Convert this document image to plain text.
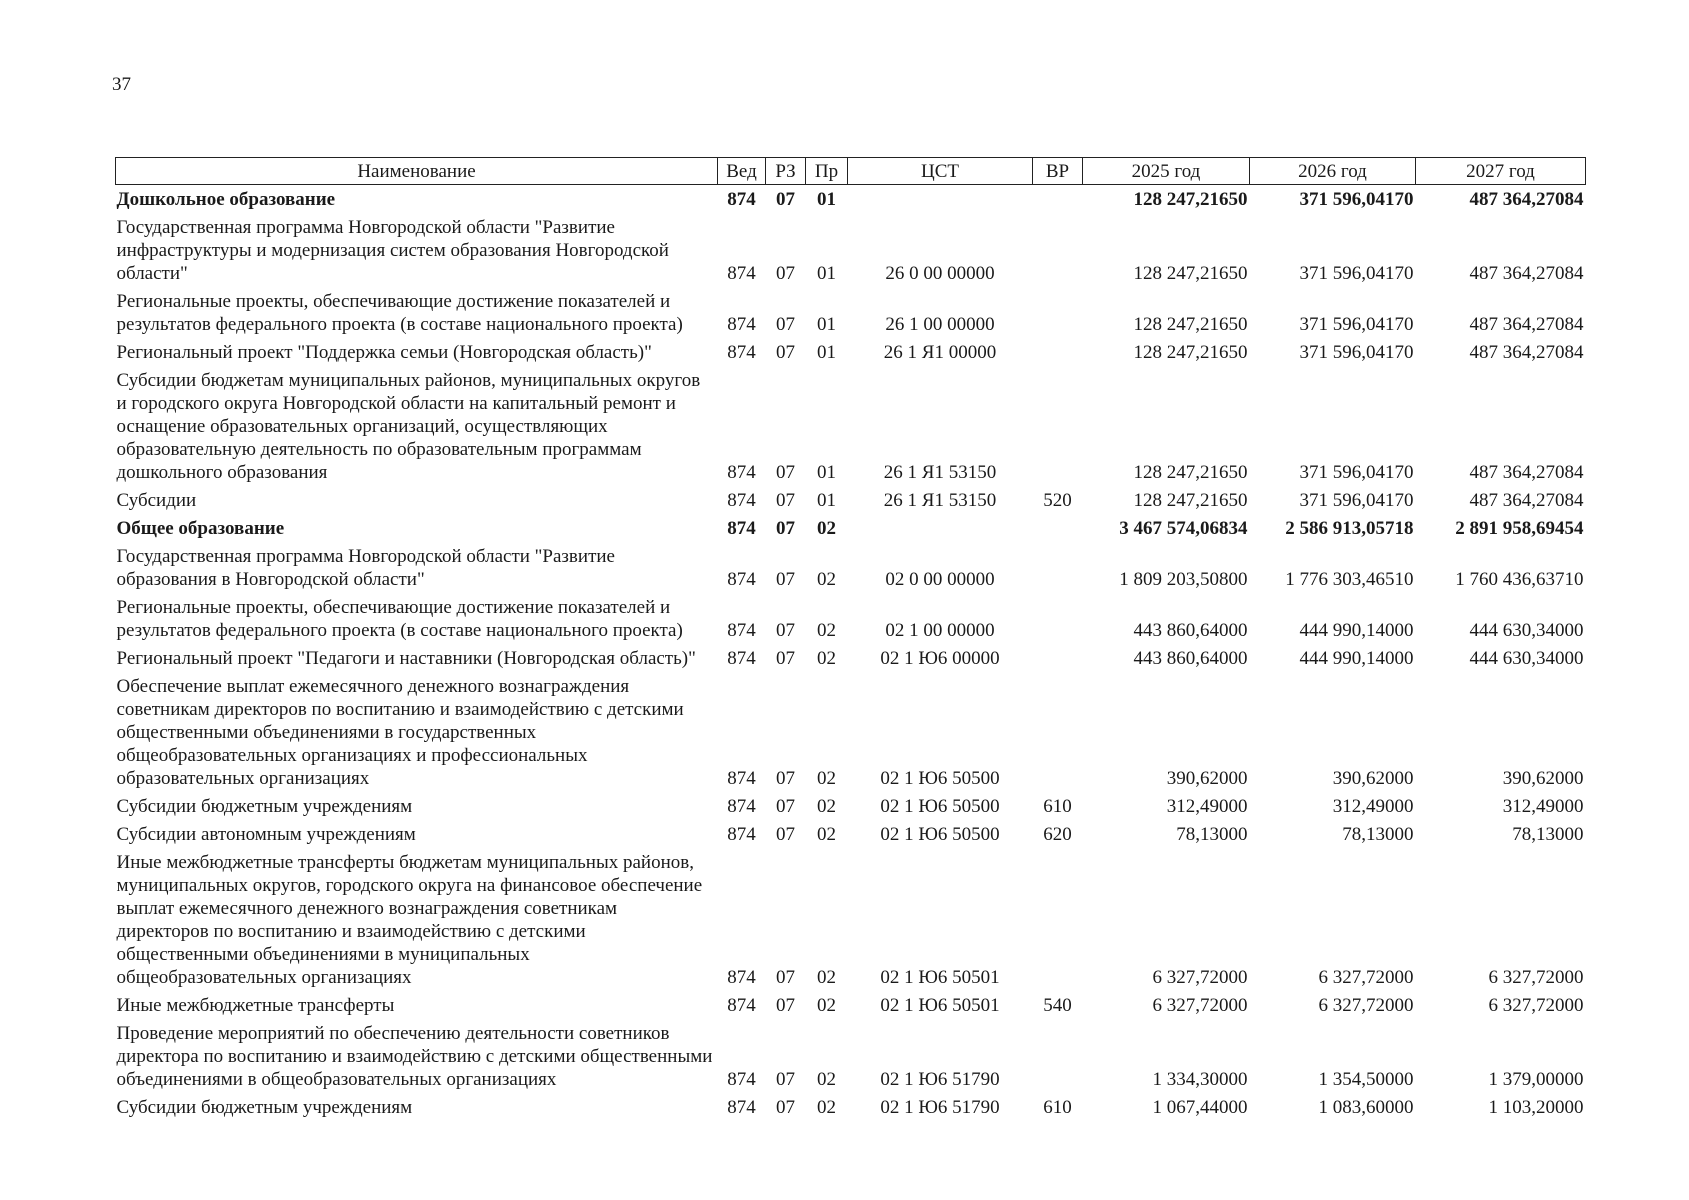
37
Наименование	Вед	РЗ	Пр	ЦСТ	ВР	2025 год	2026 год	2027 год
Дошкольное образование	874	07	01			128 247,21650	371 596,04170	487 364,27084
Государственная программа Новгородской области "Развитие инфраструктуры и модернизация систем образования Новгородской области"	874	07	01	26 0 00 00000		128 247,21650	371 596,04170	487 364,27084
Региональные проекты, обеспечивающие достижение показателей и результатов федерального проекта (в составе национального проекта)	874	07	01	26 1 00 00000		128 247,21650	371 596,04170	487 364,27084
Региональный проект "Поддержка семьи (Новгородская область)"	874	07	01	26 1 Я1 00000		128 247,21650	371 596,04170	487 364,27084
Субсидии бюджетам муниципальных районов, муниципальных округов и городского округа Новгородской области на капитальный ремонт и оснащение образовательных организаций, осуществляющих образовательную деятельность по образовательным программам дошкольного образования	874	07	01	26 1 Я1 53150		128 247,21650	371 596,04170	487 364,27084
Субсидии	874	07	01	26 1 Я1 53150	520	128 247,21650	371 596,04170	487 364,27084
Общее образование	874	07	02			3 467 574,06834	2 586 913,05718	2 891 958,69454
Государственная программа Новгородской области "Развитие образования в Новгородской области"	874	07	02	02 0 00 00000		1 809 203,50800	1 776 303,46510	1 760 436,63710
Региональные проекты, обеспечивающие достижение показателей и результатов федерального проекта (в составе национального проекта)	874	07	02	02 1 00 00000		443 860,64000	444 990,14000	444 630,34000
Региональный проект "Педагоги и наставники (Новгородская область)"	874	07	02	02 1 Ю6 00000		443 860,64000	444 990,14000	444 630,34000
Обеспечение выплат ежемесячного денежного вознаграждения советникам директоров по воспитанию и взаимодействию с детскими общественными объединениями в государственных общеобразовательных организациях и профессиональных образовательных организациях	874	07	02	02 1 Ю6 50500		390,62000	390,62000	390,62000
Субсидии бюджетным учреждениям	874	07	02	02 1 Ю6 50500	610	312,49000	312,49000	312,49000
Субсидии автономным учреждениям	874	07	02	02 1 Ю6 50500	620	78,13000	78,13000	78,13000
Иные межбюджетные трансферты бюджетам муниципальных районов, муниципальных округов, городского округа на финансовое обеспечение выплат ежемесячного денежного вознаграждения советникам директоров по воспитанию и взаимодействию с детскими общественными объединениями в муниципальных общеобразовательных организациях	874	07	02	02 1 Ю6 50501		6 327,72000	6 327,72000	6 327,72000
Иные межбюджетные трансферты	874	07	02	02 1 Ю6 50501	540	6 327,72000	6 327,72000	6 327,72000
Проведение мероприятий по обеспечению деятельности советников директора по воспитанию и взаимодействию с детскими общественными объединениями в общеобразовательных организациях	874	07	02	02 1 Ю6 51790		1 334,30000	1 354,50000	1 379,00000
Субсидии бюджетным учреждениям	874	07	02	02 1 Ю6 51790	610	1 067,44000	1 083,60000	1 103,20000
